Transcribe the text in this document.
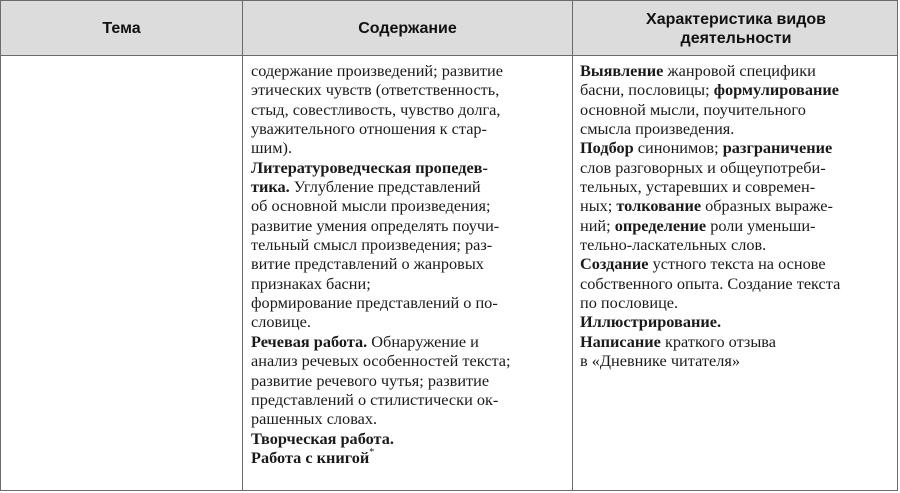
Тема	Содержание
Характеристика видов
деятельности
содержание произведений; развитие
этических чувств (ответственность,
стыд, совестливость, чувство долга,
уважительного отношения к стар-
шим).
Литературоведческая пропедев-
тика. Углубление представлений
об основной мысли произведения;
развитие умения определять поучи-
тельный смысл произведения; раз-
витие представлений о жанровых
признаках басни;
формирование представлений о по-
словице.
Речевая работа. Обнаружение и
анализ речевых особенностей текста;
развитие речевого чутья; развитие
представлений о стилистически ок-
рашенных словах.
Творческая работа.
Работа с книгой*
Выявление жанровой специфики
басни, пословицы; формулирование
основной мысли, поучительного
смысла произведения.
Подбор синонимов; разграничение
слов разговорных и общеупотреби-
тельных, устаревших и современ-
ных; толкование образных выраже-
ний; определение роли уменьши-
тельно-ласкательных слов.
Создание устного текста на основе
собственного опыта. Создание текста
по пословице.
Иллюстрирование.
Написание краткого отзыва
в «Дневнике читателя»
